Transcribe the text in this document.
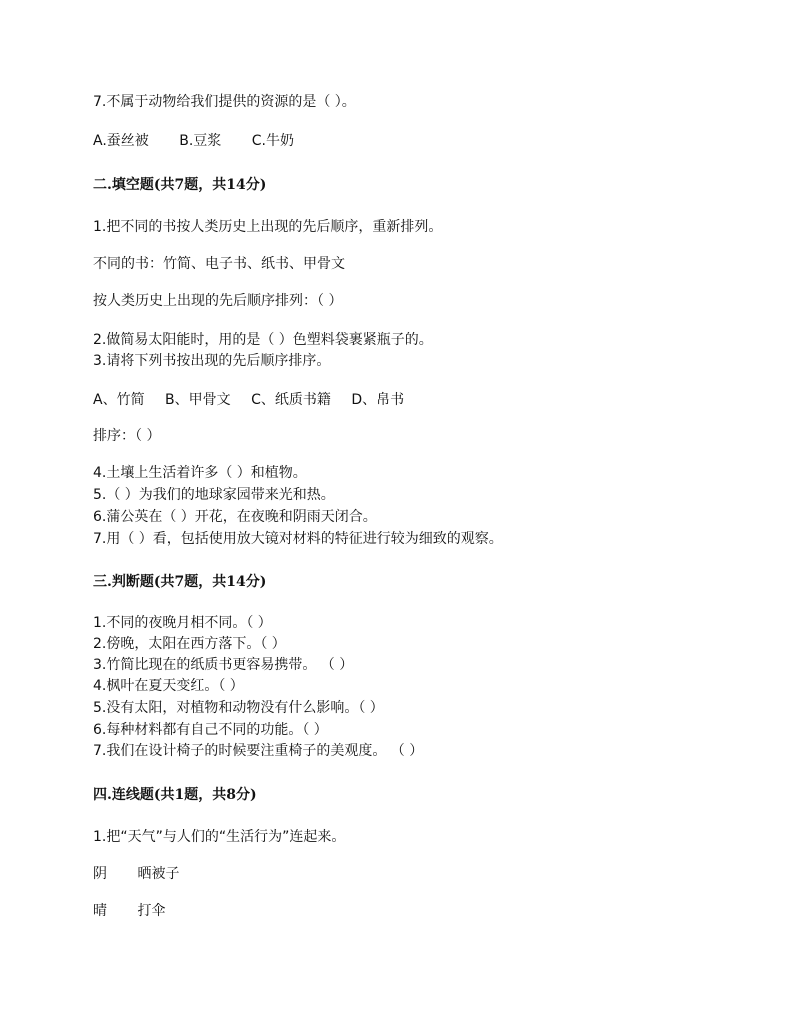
7.不属于动物给我们提供的资源的是（ ）。
A.蚕丝被 B.豆浆 C.牛奶
二.填空题(共7题，共14分)
1.把不同的书按人类历史上出现的先后顺序，重新排列。
不同的书：竹简、电子书、纸书、甲骨文
按人类历史上出现的先后顺序排列：（ ）
2.做简易太阳能时，用的是（ ）色塑料袋裹紧瓶子的。
3.请将下列书按出现的先后顺序排序。
A、竹简 B、甲骨文 C、纸质书籍 D、帛书
排序：（ ）
4.土壤上生活着许多（ ）和植物。
5.（ ）为我们的地球家园带来光和热。
6.蒲公英在（ ）开花，在夜晚和阴雨天闭合。
7.用（ ）看，包括使用放大镜对材料的特征进行较为细致的观察。
三.判断题(共7题，共14分)
1.不同的夜晚月相不同。（ ）
2.傍晚，太阳在西方落下。（ ）
3.竹简比现在的纸质书更容易携带。 （ ）
4.枫叶在夏天变红。（ ）
5.没有太阳，对植物和动物没有什么影响。（ ）
6.每种材料都有自己不同的功能。（ ）
7.我们在设计椅子的时候要注重椅子的美观度。 （ ）
四.连线题(共1题，共8分)
1.把“天气”与人们的“生活行为”连起来。
阴 晒被子
晴 打伞
